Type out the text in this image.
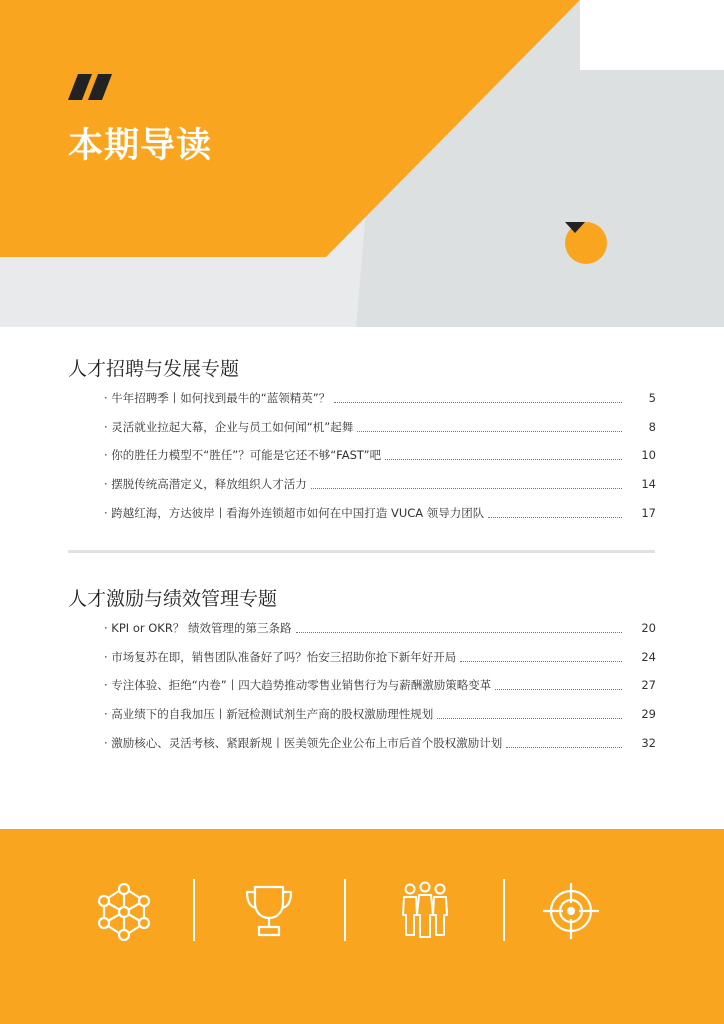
本期导读
人才招聘与发展专题
· 牛年招聘季丨如何找到最牛的“蓝领精英”？	5
· 灵活就业拉起大幕，企业与员工如何闻“机”起舞	8
· 你的胜任力模型不“胜任”？可能是它还不够“FAST”吧	10
· 摆脱传统高潜定义，释放组织人才活力	14
· 跨越红海，方达彼岸丨看海外连锁超市如何在中国打造 VUCA 领导力团队	17
人才激励与绩效管理专题
· KPI or OKR？ 绩效管理的第三条路	20
· 市场复苏在即，销售团队准备好了吗？怡安三招助你抢下新年好开局	24
· 专注体验、拒绝“内卷”丨四大趋势推动零售业销售行为与薪酬激励策略变革	27
· 高业绩下的自我加压丨新冠检测试剂生产商的股权激励理性规划	29
· 激励核心、灵活考核、紧跟新规丨医美领先企业公布上市后首个股权激励计划	32
